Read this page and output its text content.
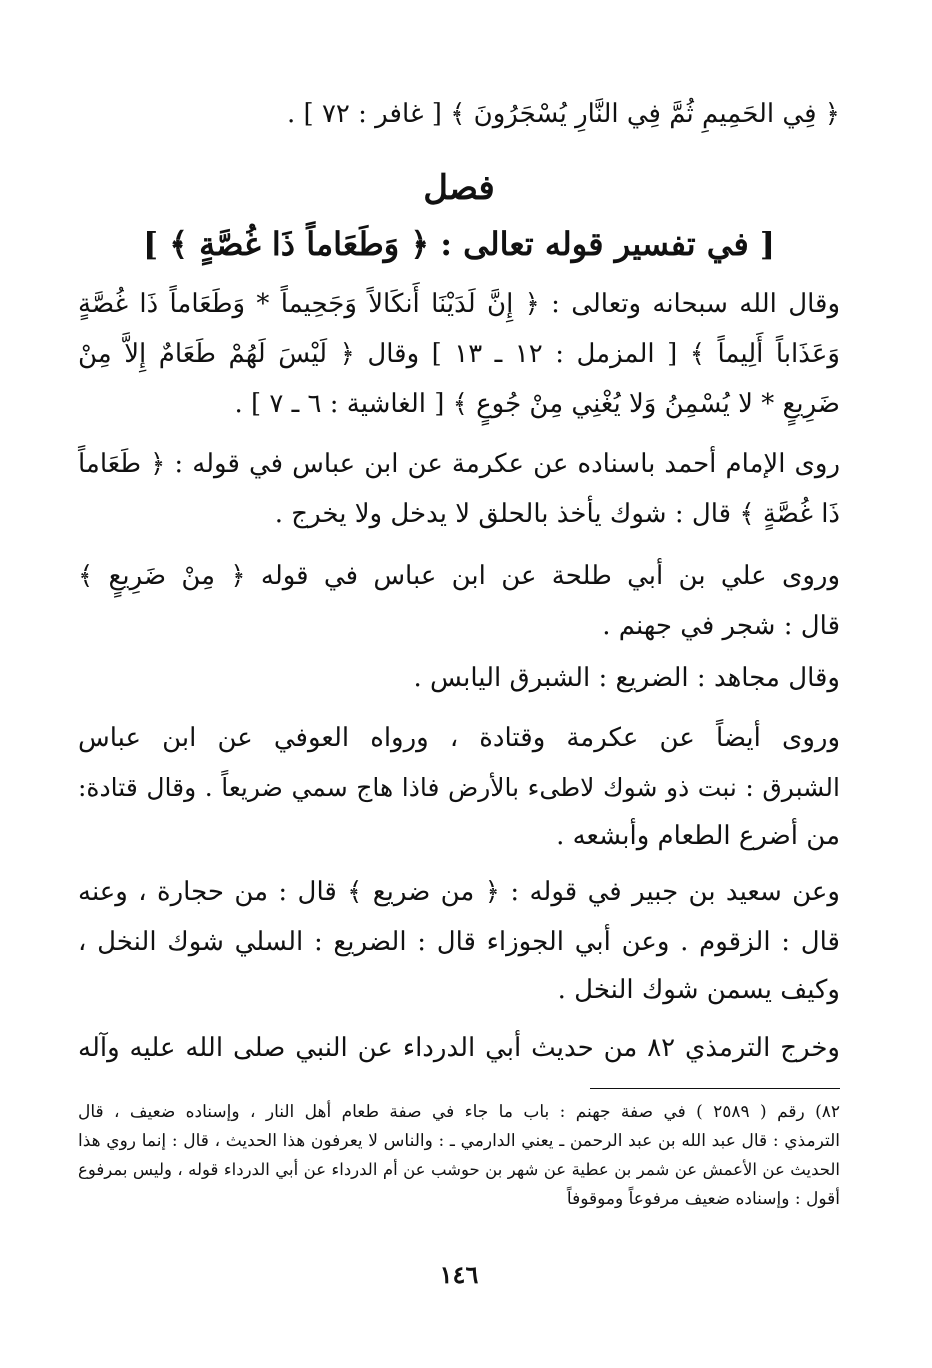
﴿ فِي الحَمِيمِ ثُمَّ فِي النَّارِ يُسْجَرُونَ ﴾ [ غافر : ٧٢ ] .
فصل
[ في تفسير قوله تعالى : ﴿ وَطَعَاماً ذَا غُصَّةٍ ﴾ ]
وقال الله سبحانه وتعالى : ﴿ إِنَّ لَدَيْنَا أَنكَالاً وَجَحِيماً * وَطَعَاماً ذَا غُصَّةٍ
وَعَذَاباً أَلِيماً ﴾ [ المزمل : ١٢ ـ ١٣ ] وقال ﴿ لَيْسَ لَهُمْ طَعَامٌ إِلاَّ مِنْ
ضَرِيعٍ * لا يُسْمِنُ وَلا يُغْنِي مِنْ جُوعٍ ﴾ [ الغاشية : ٦ ـ ٧ ] .
روى الإمام أحمد باسناده عن عكرمة عن ابن عباس في قوله : ﴿ طَعَاماً
ذَا غُصَّةٍ ﴾ قال : شوك يأخذ بالحلق لا يدخل ولا يخرج .
وروى علي بن أبي طلحة عن ابن عباس في قوله ﴿ مِنْ ضَرِيعٍ ﴾
قال : شجر في جهنم .
وقال مجاهد : الضريع : الشبرق اليابس .
وروى أيضاً عن عكرمة وقتادة ، ورواه العوفي عن ابن عباس
الشبرق : نبت ذو شوك لاطىء بالأرض فاذا هاج سمي ضريعاً . وقال قتادة:
من أضرع الطعام وأبشعه .
وعن سعيد بن جبير في قوله : ﴿ من ضريع ﴾ قال : من حجارة ، وعنه
قال : الزقوم . وعن أبي الجوزاء قال : الضريع : السلي شوك النخل ،
وكيف يسمن شوك النخل .
وخرج الترمذي ٨٢ من حديث أبي الدرداء عن النبي صلى الله عليه وآله
٨٢) رقم ( ٢٥٨٩ ) في صفة جهنم : باب ما جاء في صفة طعام أهل النار ، وإسناده ضعيف ، قال
الترمذي : قال عبد الله بن عبد الرحمن ـ يعني الدارمي ـ : والناس لا يعرفون هذا الحديث ، قال : إنما روي هذا
الحديث عن الأعمش عن شمر بن عطية عن شهر بن حوشب عن أم الدرداء عن أبي الدرداء قوله ، وليس بمرفوع
أقول : وإسناده ضعيف مرفوعاً وموقوفاً
١٤٦
